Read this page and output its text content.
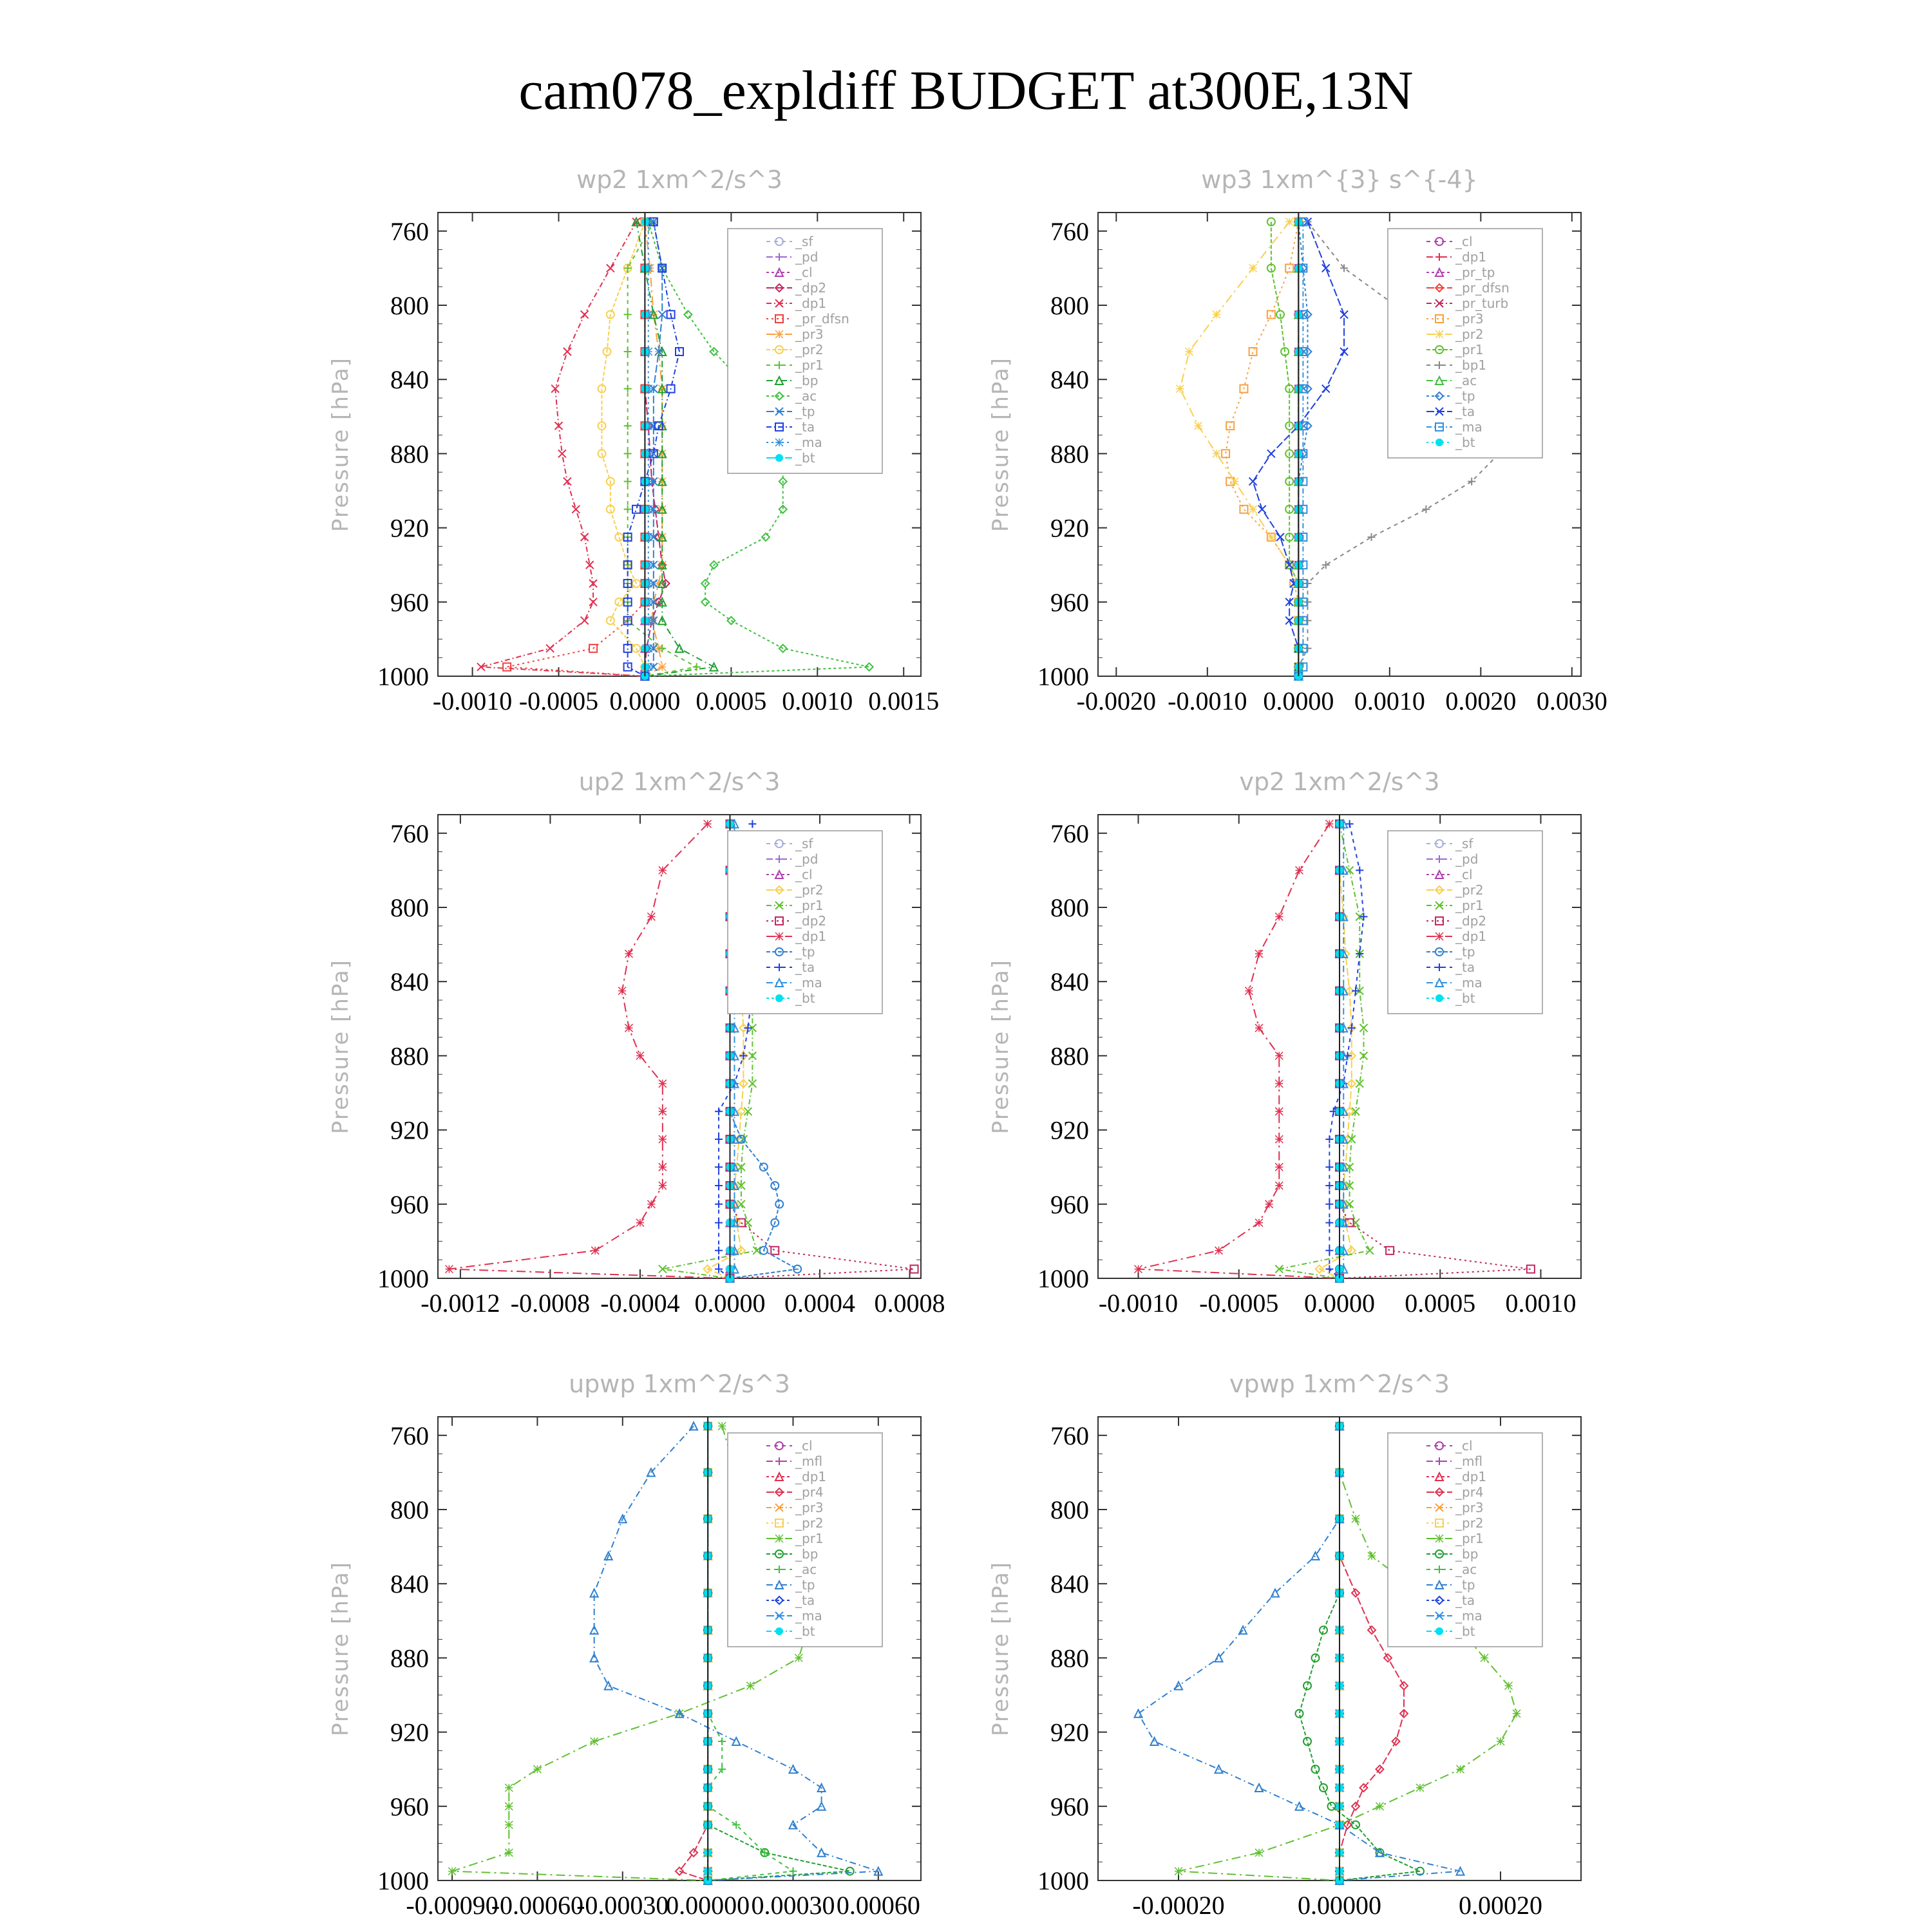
cam078_expldiff BUDGET at300E,13N
wp2 1xm^2/s^3
Pressure [hPa]
760
800
840
880
920
960
1000
-0.0010 -0.0005 0.0000 0.0005 0.0010 0.0015
_sf
_pd
_cl
_dp2
_dp1
_pr_dfsn
_pr3
_pr2
_pr1
_bp
_ac
_tp
_ta
_ma
_bt
wp3 1xm^{3} s^{-4}
Pressure [hPa]
760
800
840
880
920
960
1000
-0.0020 -0.0010 0.0000 0.0010 0.0020 0.0030
_cl
_dp1
_pr_tp
_pr_dfsn
_pr_turb
_pr3
_pr2
_pr1
_bp1
_ac
_tp
_ta
_ma
_bt
up2 1xm^2/s^3
Pressure [hPa]
760
800
840
880
920
960
1000
-0.0012 -0.0008 -0.0004 0.0000 0.0004 0.0008
_sf
_pd
_cl
_pr2
_pr1
_dp2
_dp1
_tp
_ta
_ma
_bt
vp2 1xm^2/s^3
Pressure [hPa]
760
800
840
880
920
960
1000
-0.0010 -0.0005 0.0000 0.0005 0.0010
_sf
_pd
_cl
_pr2
_pr1
_dp2
_dp1
_tp
_ta
_ma
_bt
upwp 1xm^2/s^3
Pressure [hPa]
760
800
840
880
920
960
1000
-0.00090
-0.00060
-0.00030
0.00000 0.00030 0.00060
_cl
_mfl
_dp1
_pr4
_pr3
_pr2
_pr1
_bp
_ac
_tp
_ta
_ma
_bt
vpwp 1xm^2/s^3
Pressure [hPa]
760
800
840
880
920
960
1000
-0.00020	0.00000	0.00020
_cl
_mfl
_dp1
_pr4
_pr3
_pr2
_pr1
_bp
_ac
_tp
_ta
_ma
_bt
